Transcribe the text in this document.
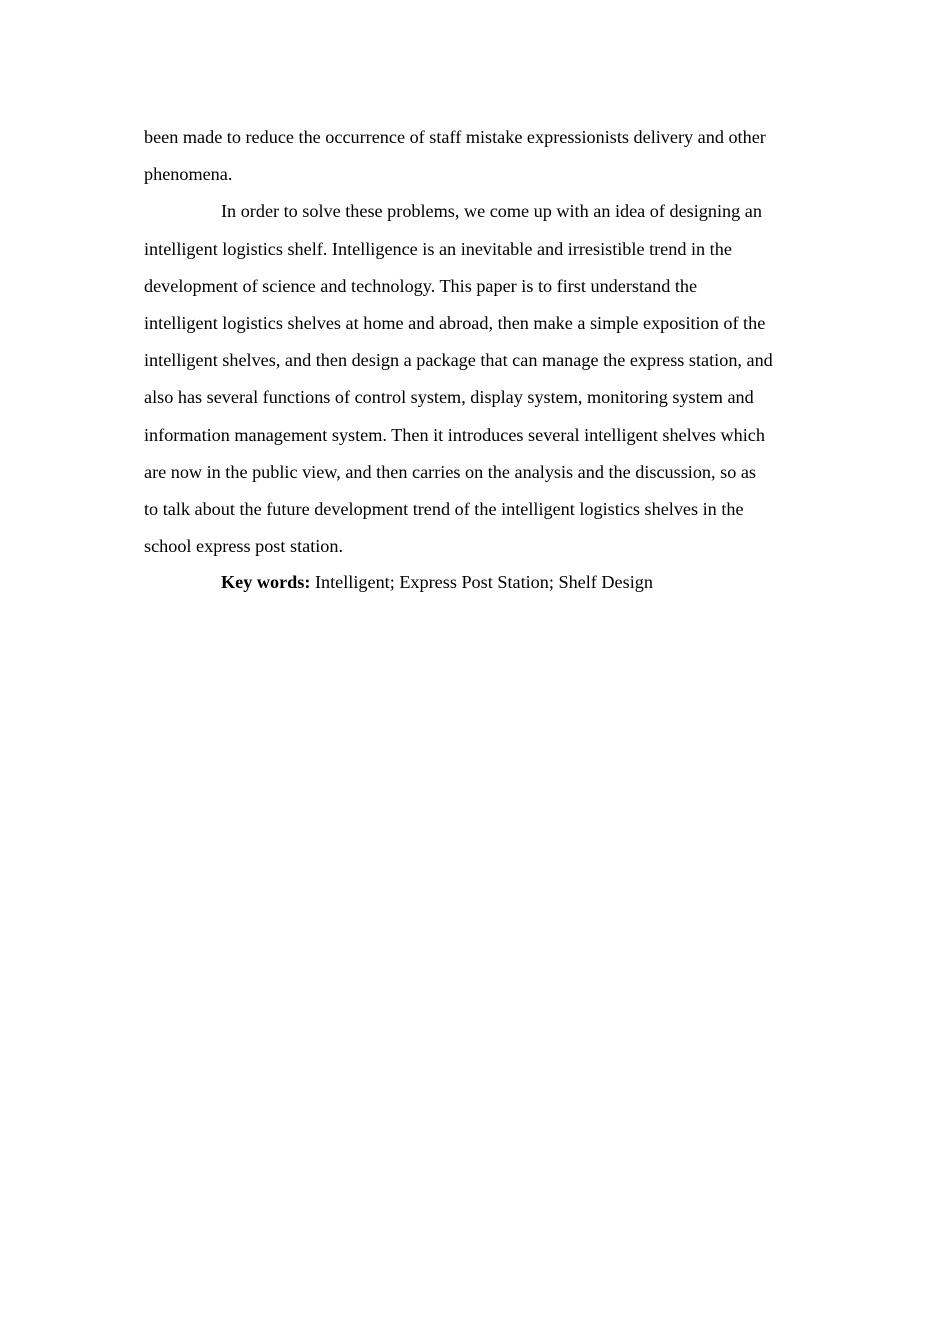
been made to reduce the occurrence of staff mistake expressionists delivery and other
phenomena.

In order to solve these problems, we come up with an idea of designing an
intelligent logistics shelf. Intelligence is an inevitable and irresistible trend in the
development of science and technology. This paper is to first understand the
intelligent logistics shelves at home and abroad, then make a simple exposition of the
intelligent shelves, and then design a package that can manage the express station, and
also has several functions of control system, display system, monitoring system and
information management system. Then it introduces several intelligent shelves which
are now in the public view, and then carries on the analysis and the discussion, so as
to talk about the future development trend of the intelligent logistics shelves in the
school express post station.

Key words: Intelligent; Express Post Station; Shelf Design
